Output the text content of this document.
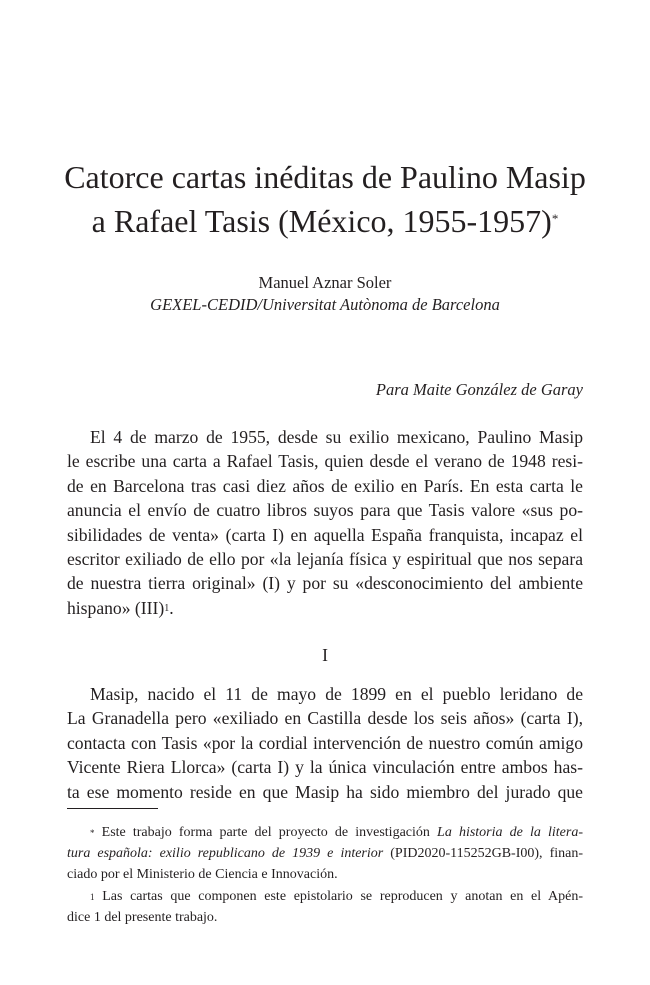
Catorce cartas inéditas de Paulino Masip
a Rafael Tasis (México, 1955-1957)*
Manuel Aznar Soler
GEXEL-CEDID/Universitat Autònoma de Barcelona
Para Maite González de Garay
El 4 de marzo de 1955, desde su exilio mexicano, Paulino Masip
le escribe una carta a Rafael Tasis, quien desde el verano de 1948 resi-
de en Barcelona tras casi diez años de exilio en París. En esta carta le
anuncia el envío de cuatro libros suyos para que Tasis valore «sus po-
sibilidades de venta» (carta I) en aquella España franquista, incapaz el
escritor exiliado de ello por «la lejanía física y espiritual que nos separa
de nuestra tierra original» (I) y por su «desconocimiento del ambiente
hispano» (III)$^1$.
I
Masip, nacido el 11 de mayo de 1899 en el pueblo leridano de
La Granadella pero «exiliado en Castilla desde los seis años» (carta I),
contacta con Tasis «por la cordial intervención de nuestro común amigo
Vicente Riera Llorca» (carta I) y la única vinculación entre ambos has-
ta ese momento reside en que Masip ha sido miembro del jurado que
* Este trabajo forma parte del proyecto de investigación La historia de la litera-
tura española: exilio republicano de 1939 e interior (PID2020-115252GB-I00), finan-
ciado por el Ministerio de Ciencia e Innovación.
$^1$ Las cartas que componen este epistolario se reproducen y anotan en el Apén-
dice 1 del presente trabajo.
